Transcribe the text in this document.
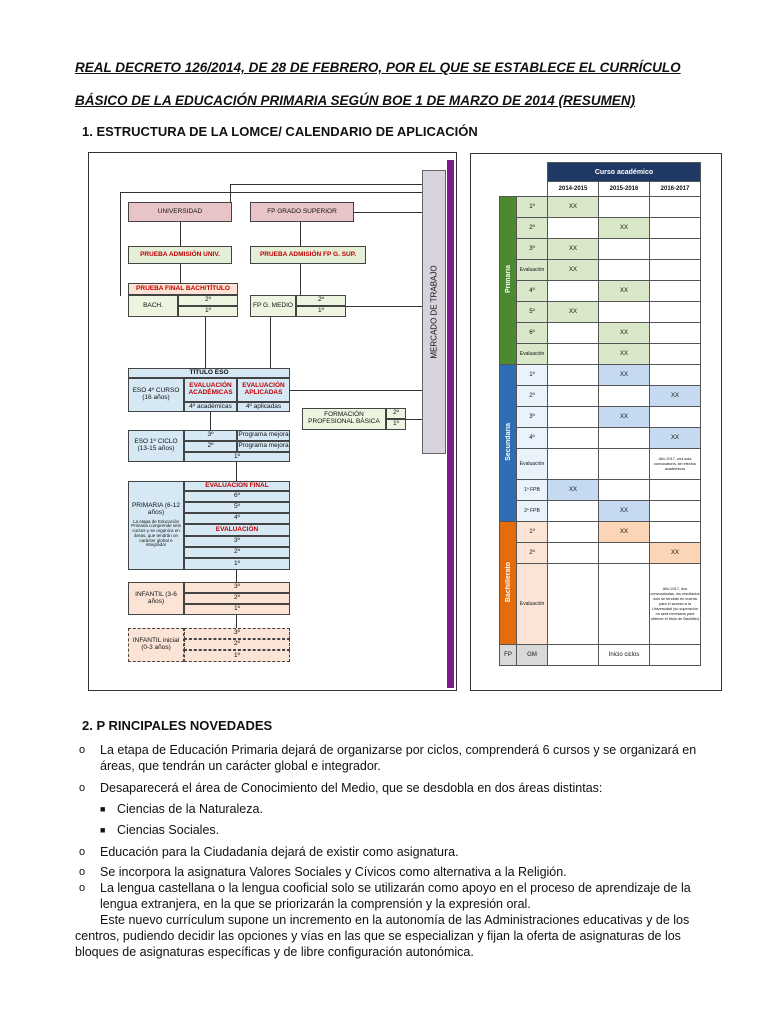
REAL DECRETO 126/2014, DE 28 DE FEBRERO, POR EL QUE SE ESTABLECE EL CURRÍCULO
BÁSICO DE LA EDUCACIÓN PRIMARIA SEGÚN BOE 1 DE MARZO DE 2014 (RESUMEN)
1. ESTRUCTURA DE LA LOMCE/ CALENDARIO DE APLICACIÓN
MERCADO DE TRABAJO
UNIVERSIDAD	FP GRADO SUPERIOR
PRUEBA ADMISIÓN UNIV.	PRUEBA ADMISIÓN FP G. SUP.
PRUEBA FINAL BACH/TÍTULO
BACH.
2º
1º
FP G. MEDIO
2º
1º
TÍTULO ESO
ESO 4º CURSO (16 años)
EVALUACIÓN ACADÉMICAS
EVALUACIÓN APLICADAS
4º académicas 4º aplicadas
FORMACIÓN PROFESIONAL BÁSICA
2º
1º
ESO 1º CICLO (13-15 años)
3º	Programa mejora
2º	Programa mejora
1º
EVALUACIÓN FINAL
PRIMARIA (6-12 años)
La etapa de Educación Primaria comprende seis cursos y se organiza en áreas, que tendrán un carácter global e integrador
6º
5º
4º
EVALUACIÓN
3º
2º
1º
INFANTIL (3-6 años)
3º
2º
1º
INFANTIL inicial (0-3 años)
3º
2º
1º
		Curso académico		
		2014-2015	2015-2016	2016-2017
Primaria	1º	XX		
	2º		XX	
	3º	XX		
	Evaluación	XX		
	4º		XX	
	5º	XX		
	6º		XX	
	Evaluación		XX	
Secundaria	1º		XX	
	2º			XX
	3º		XX	
	4º			XX
	Evaluación			Año 2017, una sola convocatoria, sin efectos académicos
	1º FPB	XX		
	2º FPB		XX	
Bachillerato	1º		XX	
	2º			XX
	Evaluación			Año 2017, dos convocatorias, los resultados solo se tendrán en cuenta para el acceso a la Universidad (su superación no será necesaria para obtener el título de Bachiller)
FP	GM		Inicio ciclos	
2. P RINCIPALES NOVEDADES
o La etapa de Educación Primaria dejará de organizarse por ciclos, comprenderá 6 cursos y se organizará en áreas, que tendrán un carácter global e integrador.
o Desaparecerá el área de Conocimiento del Medio, que se desdobla en dos áreas distintas:
■ Ciencias de la Naturaleza.
■ Ciencias Sociales.
o Educación para la Ciudadanía dejará de existir como asignatura.
o Se incorpora la asignatura Valores Sociales y Cívicos como alternativa a la Religión.
o La lengua castellana o la lengua cooficial solo se utilizarán como apoyo en el proceso de aprendizaje de la lengua extranjera, en la que se priorizarán la comprensión y la expresión oral.
Este nuevo currículum supone un incremento en la autonomía de las Administraciones educativas y de los centros, pudiendo decidir las opciones y vías en las que se especializan y fijan la oferta de asignaturas de los bloques de asignaturas específicas y de libre configuración autonómica.
